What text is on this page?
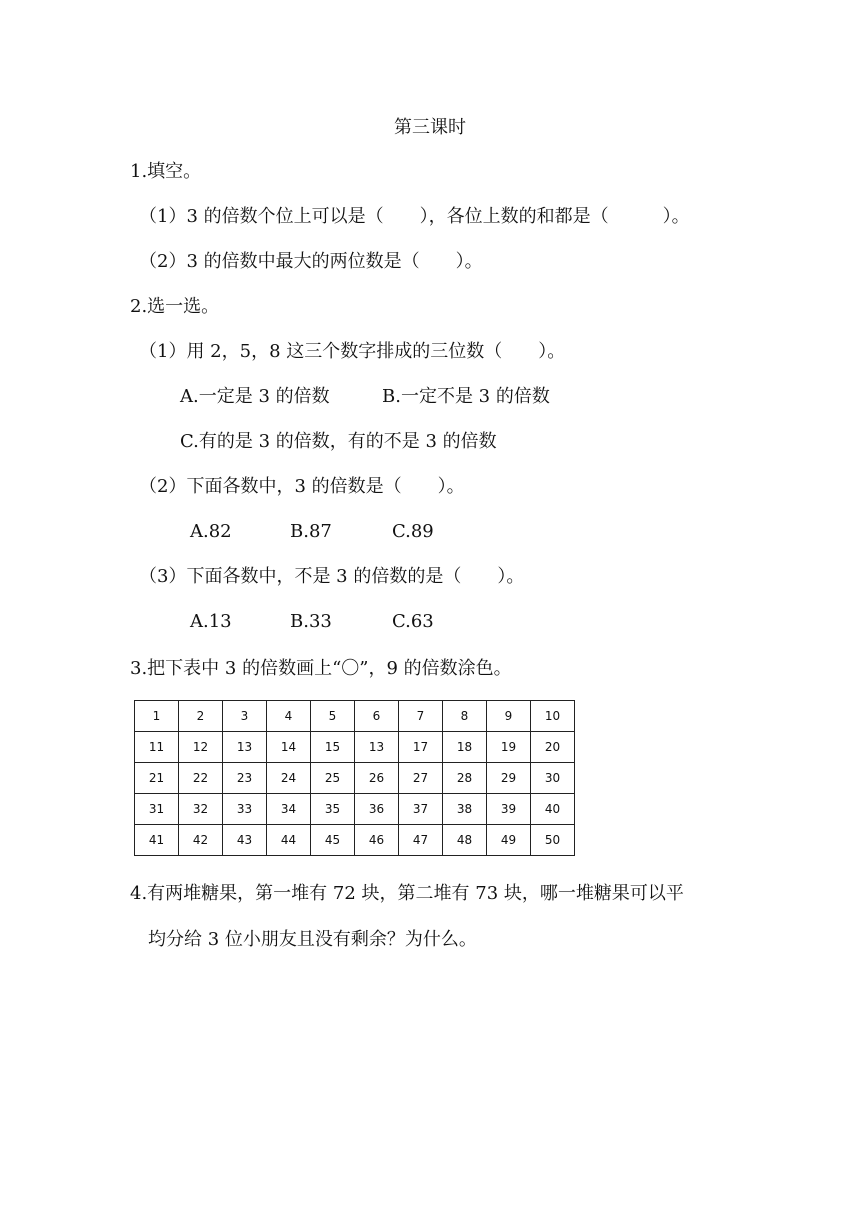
第三课时
1.填空。
（1）3 的倍数个位上可以是（　　），各位上数的和都是（　　　）。
（2）3 的倍数中最大的两位数是（　　）。
2.选一选。
（1）用 2，5，8 这三个数字排成的三位数（　　）。
A.一定是 3 的倍数	B.一定不是 3 的倍数
C.有的是 3 的倍数，有的不是 3 的倍数
（2）下面各数中，3 的倍数是（　　）。
A.82	B.87	C.89
（3）下面各数中，不是 3 的倍数的是（　　）。
A.13	B.33	C.63
3.把下表中 3 的倍数画上“〇”，9 的倍数涂色。
1	2	3	4	5	6	7	8	9	10
11	12	13	14	15	13	17	18	19	20
21	22	23	24	25	26	27	28	29	30
31	32	33	34	35	36	37	38	39	40
41	42	43	44	45	46	47	48	49	50
4.有两堆糖果，第一堆有 72 块，第二堆有 73 块，哪一堆糖果可以平
均分给 3 位小朋友且没有剩余？为什么。
